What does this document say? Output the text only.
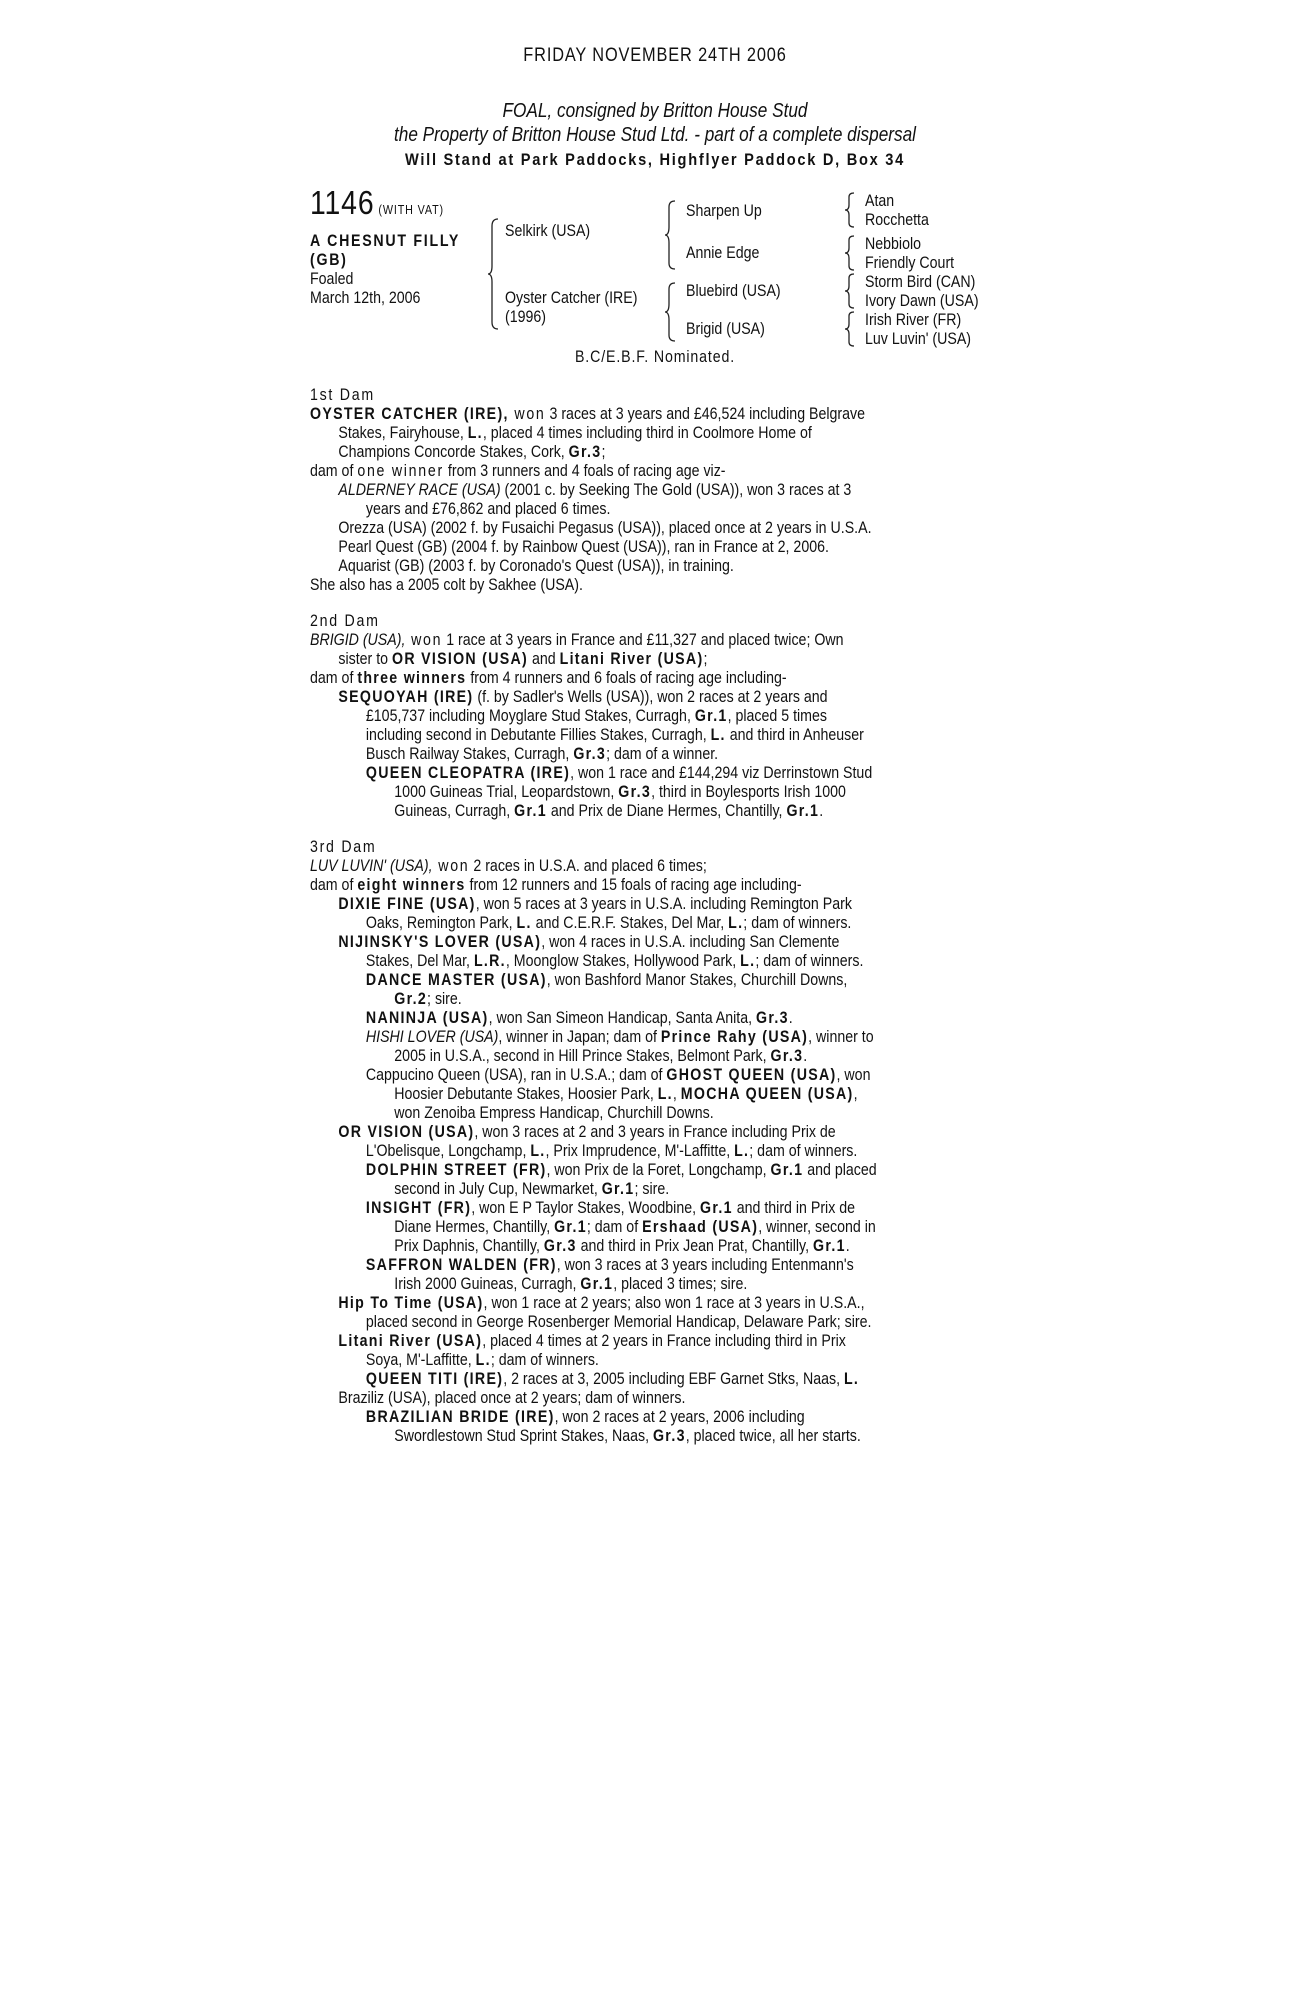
FRIDAY NOVEMBER 24TH 2006
FOAL, consigned by Britton House Stud
the Property of Britton House Stud Ltd. - part of a complete dispersal
Will Stand at Park Paddocks, Highflyer Paddock D, Box 34
1146 (WITH VAT)
A CHESNUT FILLY
(GB)
Foaled
March 12th, 2006
Selkirk (USA)
Oyster Catcher (IRE)
(1996)
Sharpen Up
Annie Edge
Bluebird (USA)
Brigid (USA)
Atan
Rocchetta
Nebbiolo
Friendly Court
Storm Bird (CAN)
Ivory Dawn (USA)
Irish River (FR)
Luv Luvin' (USA)
B.C/E.B.F. Nominated.
1st Dam
OYSTER CATCHER (IRE), won 3 races at 3 years and £46,524 including Belgrave
Stakes, Fairyhouse, L., placed 4 times including third in Coolmore Home of
Champions Concorde Stakes, Cork, Gr.3;
dam of one winner from 3 runners and 4 foals of racing age viz-
ALDERNEY RACE (USA) (2001 c. by Seeking The Gold (USA)), won 3 races at 3
years and £76,862 and placed 6 times.
Orezza (USA) (2002 f. by Fusaichi Pegasus (USA)), placed once at 2 years in U.S.A.
Pearl Quest (GB) (2004 f. by Rainbow Quest (USA)), ran in France at 2, 2006.
Aquarist (GB) (2003 f. by Coronado's Quest (USA)), in training.
She also has a 2005 colt by Sakhee (USA).
2nd Dam
BRIGID (USA), won 1 race at 3 years in France and £11,327 and placed twice; Own
sister to OR VISION (USA) and Litani River (USA);
dam of three winners from 4 runners and 6 foals of racing age including-
SEQUOYAH (IRE) (f. by Sadler's Wells (USA)), won 2 races at 2 years and
£105,737 including Moyglare Stud Stakes, Curragh, Gr.1, placed 5 times
including second in Debutante Fillies Stakes, Curragh, L. and third in Anheuser
Busch Railway Stakes, Curragh, Gr.3; dam of a winner.
QUEEN CLEOPATRA (IRE), won 1 race and £144,294 viz Derrinstown Stud
1000 Guineas Trial, Leopardstown, Gr.3, third in Boylesports Irish 1000
Guineas, Curragh, Gr.1 and Prix de Diane Hermes, Chantilly, Gr.1.
3rd Dam
LUV LUVIN' (USA), won 2 races in U.S.A. and placed 6 times;
dam of eight winners from 12 runners and 15 foals of racing age including-
DIXIE FINE (USA), won 5 races at 3 years in U.S.A. including Remington Park
Oaks, Remington Park, L. and C.E.R.F. Stakes, Del Mar, L.; dam of winners.
NIJINSKY'S LOVER (USA), won 4 races in U.S.A. including San Clemente
Stakes, Del Mar, L.R., Moonglow Stakes, Hollywood Park, L.; dam of winners.
DANCE MASTER (USA), won Bashford Manor Stakes, Churchill Downs,
Gr.2; sire.
NANINJA (USA), won San Simeon Handicap, Santa Anita, Gr.3.
HISHI LOVER (USA), winner in Japan; dam of Prince Rahy (USA), winner to
2005 in U.S.A., second in Hill Prince Stakes, Belmont Park, Gr.3.
Cappucino Queen (USA), ran in U.S.A.; dam of GHOST QUEEN (USA), won
Hoosier Debutante Stakes, Hoosier Park, L., MOCHA QUEEN (USA),
won Zenoiba Empress Handicap, Churchill Downs.
OR VISION (USA), won 3 races at 2 and 3 years in France including Prix de
L'Obelisque, Longchamp, L., Prix Imprudence, M'-Laffitte, L.; dam of winners.
DOLPHIN STREET (FR), won Prix de la Foret, Longchamp, Gr.1 and placed
second in July Cup, Newmarket, Gr.1; sire.
INSIGHT (FR), won E P Taylor Stakes, Woodbine, Gr.1 and third in Prix de
Diane Hermes, Chantilly, Gr.1; dam of Ershaad (USA), winner, second in
Prix Daphnis, Chantilly, Gr.3 and third in Prix Jean Prat, Chantilly, Gr.1.
SAFFRON WALDEN (FR), won 3 races at 3 years including Entenmann's
Irish 2000 Guineas, Curragh, Gr.1, placed 3 times; sire.
Hip To Time (USA), won 1 race at 2 years; also won 1 race at 3 years in U.S.A.,
placed second in George Rosenberger Memorial Handicap, Delaware Park; sire.
Litani River (USA), placed 4 times at 2 years in France including third in Prix
Soya, M'-Laffitte, L.; dam of winners.
QUEEN TITI (IRE), 2 races at 3, 2005 including EBF Garnet Stks, Naas, L.
Braziliz (USA), placed once at 2 years; dam of winners.
BRAZILIAN BRIDE (IRE), won 2 races at 2 years, 2006 including
Swordlestown Stud Sprint Stakes, Naas, Gr.3, placed twice, all her starts.
